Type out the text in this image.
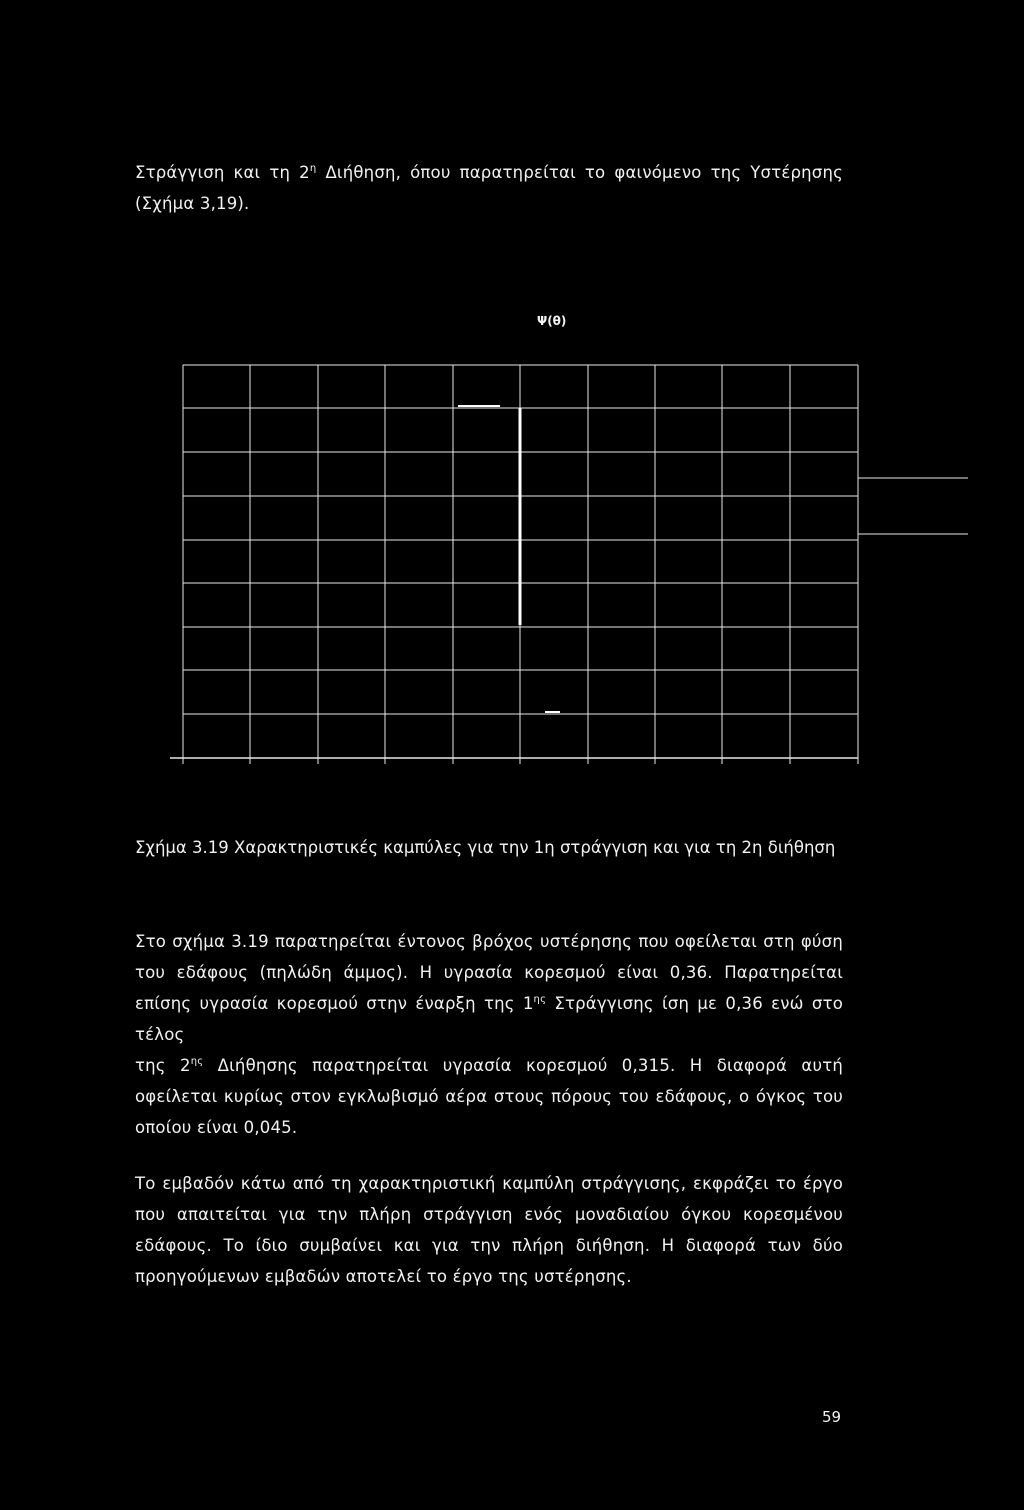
Στράγγιση και τη $2^\eta$ Διήθηση, όπου παρατηρείται το φαινόμενο της Υστέρησης
(Σχήμα 3,19).
Ψ(θ)
Σχήμα 3.19 Χαρακτηριστικές καμπύλες για την 1η στράγγιση και για τη 2η διήθηση
Στο σχήμα 3.19 παρατηρείται έντονος βρόχος υστέρησης που οφείλεται στη φύση
του εδάφους (πηλώδη άμμος). Η υγρασία κορεσμού είναι 0,36. Παρατηρείται
επίσης υγρασία κορεσμού στην έναρξη της $1^{\eta\varsigma}$ Στράγγισης ίση με 0,36 ενώ στο τέλος
της $2^{\eta\varsigma}$ Διήθησης παρατηρείται υγρασία κορεσμού 0,315. Η διαφορά αυτή
οφείλεται κυρίως στον εγκλωβισμό αέρα στους πόρους του εδάφους, ο όγκος του
οποίου είναι 0,045.
Το εμβαδόν κάτω από τη χαρακτηριστική καμπύλη στράγγισης, εκφράζει το έργο
που απαιτείται για την πλήρη στράγγιση ενός μοναδιαίου όγκου κορεσμένου
εδάφους. Το ίδιο συμβαίνει και για την πλήρη διήθηση. Η διαφορά των δύο
προηγούμενων εμβαδών αποτελεί το έργο της υστέρησης.
59
